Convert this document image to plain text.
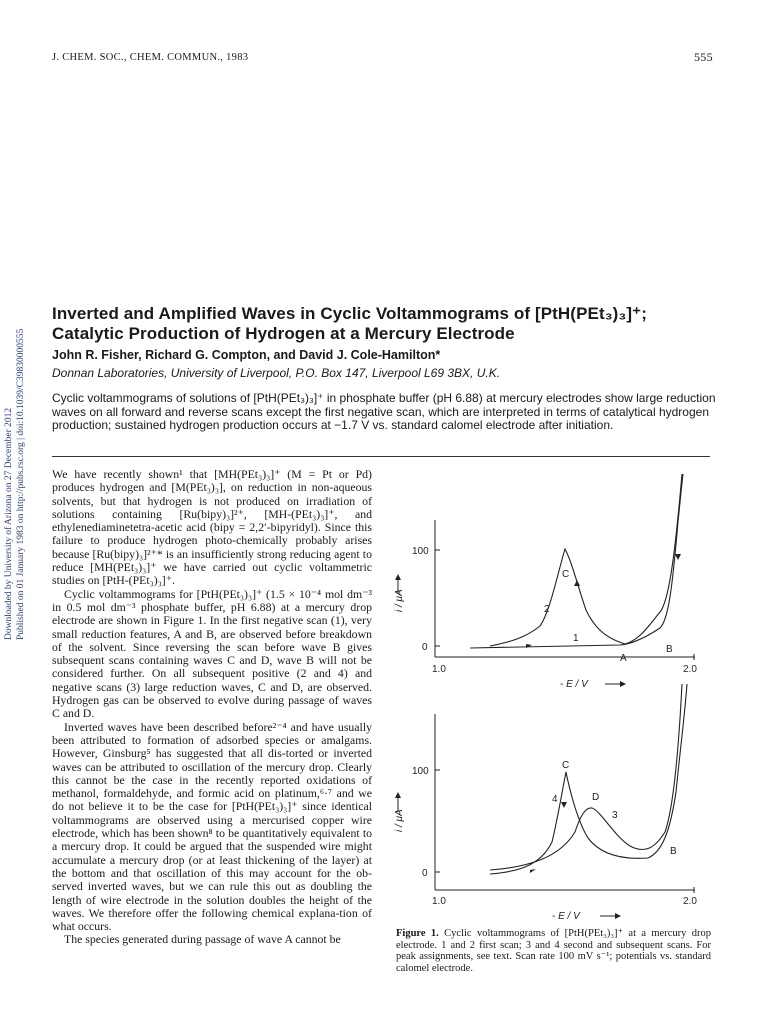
J. CHEM. SOC., CHEM. COMMUN., 1983	555
Downloaded by University of Arizona on 27 December 2012 Published on 01 January 1983 on http://pubs.rsc.org | doi:10.1039/C39830000555
Inverted and Amplified Waves in Cyclic Voltammograms of [PtH(PEt₃)₃]⁺;
Catalytic Production of Hydrogen at a Mercury Electrode
John R. Fisher, Richard G. Compton, and David J. Cole-Hamilton*
Donnan Laboratories, University of Liverpool, P.O. Box 147, Liverpool L69 3BX, U.K.
Cyclic voltammograms of solutions of [PtH(PEt₃)₃]⁺ in phosphate buffer (pH 6.88) at mercury electrodes show large reduction waves on all forward and reverse scans except the first negative scan, which are interpreted in terms of catalytical hydrogen production; sustained hydrogen production occurs at −1.7 V vs. standard calomel electrode after initiation.

We have recently shown¹ that [MH(PEt₃)₃]⁺ (M = Pt or Pd) produces hydrogen and [M(PEt₃)₃], on reduction in non-aqueous solvents, but that hydrogen is not produced on irradiation of solutions containing [Ru(bipy)₃]²⁺, [MH-(PEt₃)₃]⁺, and ethylenediaminetetra-acetic acid (bipy = 2,2′-bipyridyl). Since this failure to produce hydrogen photo-chemically probably arises because [Ru(bipy)₃]²⁺* is an insufficiently strong reducing agent to reduce [MH(PEt₃)₃]⁺ we have carried out cyclic voltammetric studies on [PtH-(PEt₃)₃]⁺.

Cyclic voltammograms for [PtH(PEt₃)₃]⁺ (1.5 × 10⁻⁴ mol dm⁻³ in 0.5 mol dm⁻³ phosphate buffer, pH 6.88) at a mercury drop electrode are shown in Figure 1. In the first negative scan (1), very small reduction features, A and B, are observed before breakdown of the solvent. Since reversing the scan before wave B gives subsequent scans containing waves C and D, wave B will not be considered further. On all subsequent positive (2 and 4) and negative scans (3) large reduction waves, C and D, are observed. Hydrogen gas can be observed to evolve during passage of waves C and D.

Inverted waves have been described before²⁻⁴ and have usually been attributed to formation of adsorbed species or amalgams. However, Ginsburg⁵ has suggested that all dis-torted or inverted waves can be attributed to oscillation of the mercury drop. Clearly this cannot be the case in the recently reported oxidations of methanol, formaldehyde, and formic acid on platinum,⁶·⁷ and we do not believe it to be the case for [PtH(PEt₃)₃]⁺ since identical voltammograms are observed using a mercurised copper wire electrode, which has been shown⁸ to be quantitatively equivalent to a mercury drop. It could be argued that the suspended wire might accumulate a mercury drop (or at least thickening of the layer) at the bottom and that oscillation of this may account for the ob-served inverted waves, but we can rule this out as doubling the length of wire electrode in the solution doubles the height of the waves. We therefore offer the following chemical explana-tion of what occurs.

The species generated during passage of wave A cannot be

100
0
1.0	2.0
- E / V
i / μA
C
A
B
1
2
100
0
1.0	2.0
- E / V
i / μA
C
D
B
3
4
Figure 1. Cyclic voltammograms of [PtH(PEt₃)₃]⁺ at a mercury drop electrode. 1 and 2 first scan; 3 and 4 second and subsequent scans. For peak assignments, see text. Scan rate 100 mV s⁻¹; potentials vs. standard calomel electrode.
